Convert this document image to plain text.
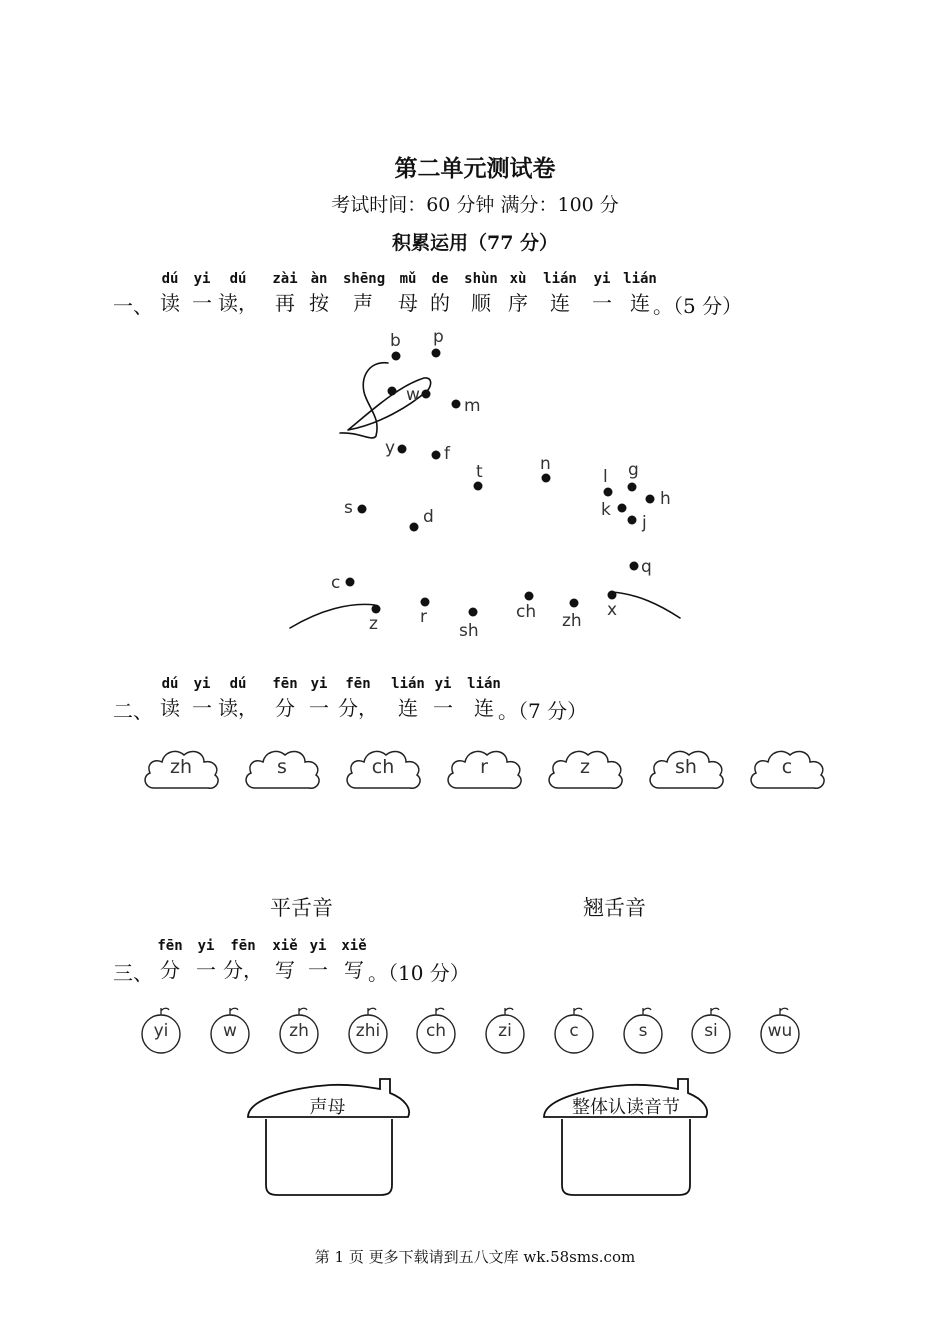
第二单元测试卷
考试时间：60 分钟 满分：100 分
积累运用（77 分）
一、
dú
读
yi
一
dú
读，
zài
再
àn
按
shēng
声
mǔ
母
de
的
shùn
顺
xù
序
lián
连
yi
一
lián
连 。（5 分）
b p
w
m
y	f
t	n
l g
h
k
j
s	d
q
c
z r
sh
ch zh
x
二、
dú
读
yi
一
dú
读，
fēn
分
yi
一
fēn
分，
lián
连
yi
一
lián
连 。（7 分）
zh	s	ch	r	z	sh	c
平舌音	翘舌音
三、
fēn
分
yi
一
fēn
分，
xiě
写
yi
一
xiě
写 。（10 分）
yi	w	zh	zhi	ch	zi	c	s	si	wu
声母	整体认读音节
第 1 页 更多下载请到五八文库 wk.58sms.com
